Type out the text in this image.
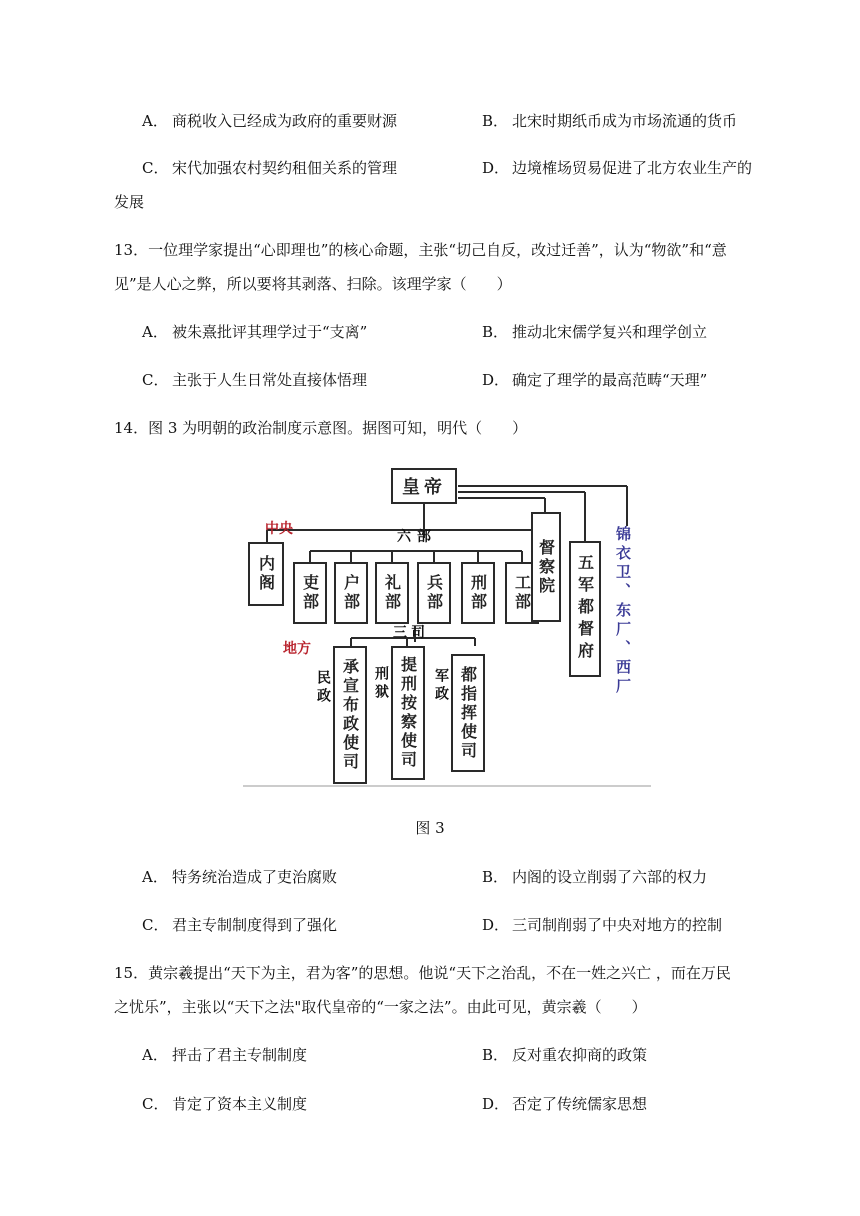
A． 商税收入已经成为政府的重要财源	B． 北宋时期纸币成为市场流通的货币
C． 宋代加强农村契约租佃关系的管理	D． 边境榷场贸易促进了北方农业生产的
发展
13．一位理学家提出“心即理也”的核心命题，主张“切己自反，改过迁善”，认为“物欲”和“意
见”是人心之弊，所以要将其剥落、扫除。该理学家（　　）
A． 被朱熹批评其理学过于“支离”	B． 推动北宋儒学复兴和理学创立
C． 主张于人生日常处直接体悟理	D． 确定了理学的最高范畴“天理”
14．图 3 为明朝的政治制度示意图。据图可知，明代（　　）
皇帝
中央	六部
内阁	吏部	户部	礼部	兵部	刑部	工部 督察院	五军都督府	锦衣卫、东厂、西厂
地方
三司
民政 承宣布政使司 刑狱 提刑按察使司	军政 都指挥使司
图 3
A． 特务统治造成了吏治腐败	B． 内阁的设立削弱了六部的权力
C． 君主专制制度得到了强化	D． 三司制削弱了中央对地方的控制
15．黄宗羲提出“天下为主，君为客”的思想。他说“天下之治乱，不在一姓之兴亡 ，而在万民
之忧乐”，主张以“天下之法"取代皇帝的“一家之法”。由此可见，黄宗羲（　　）
A． 抨击了君主专制制度	B． 反对重农抑商的政策
C． 肯定了资本主义制度	D． 否定了传统儒家思想
